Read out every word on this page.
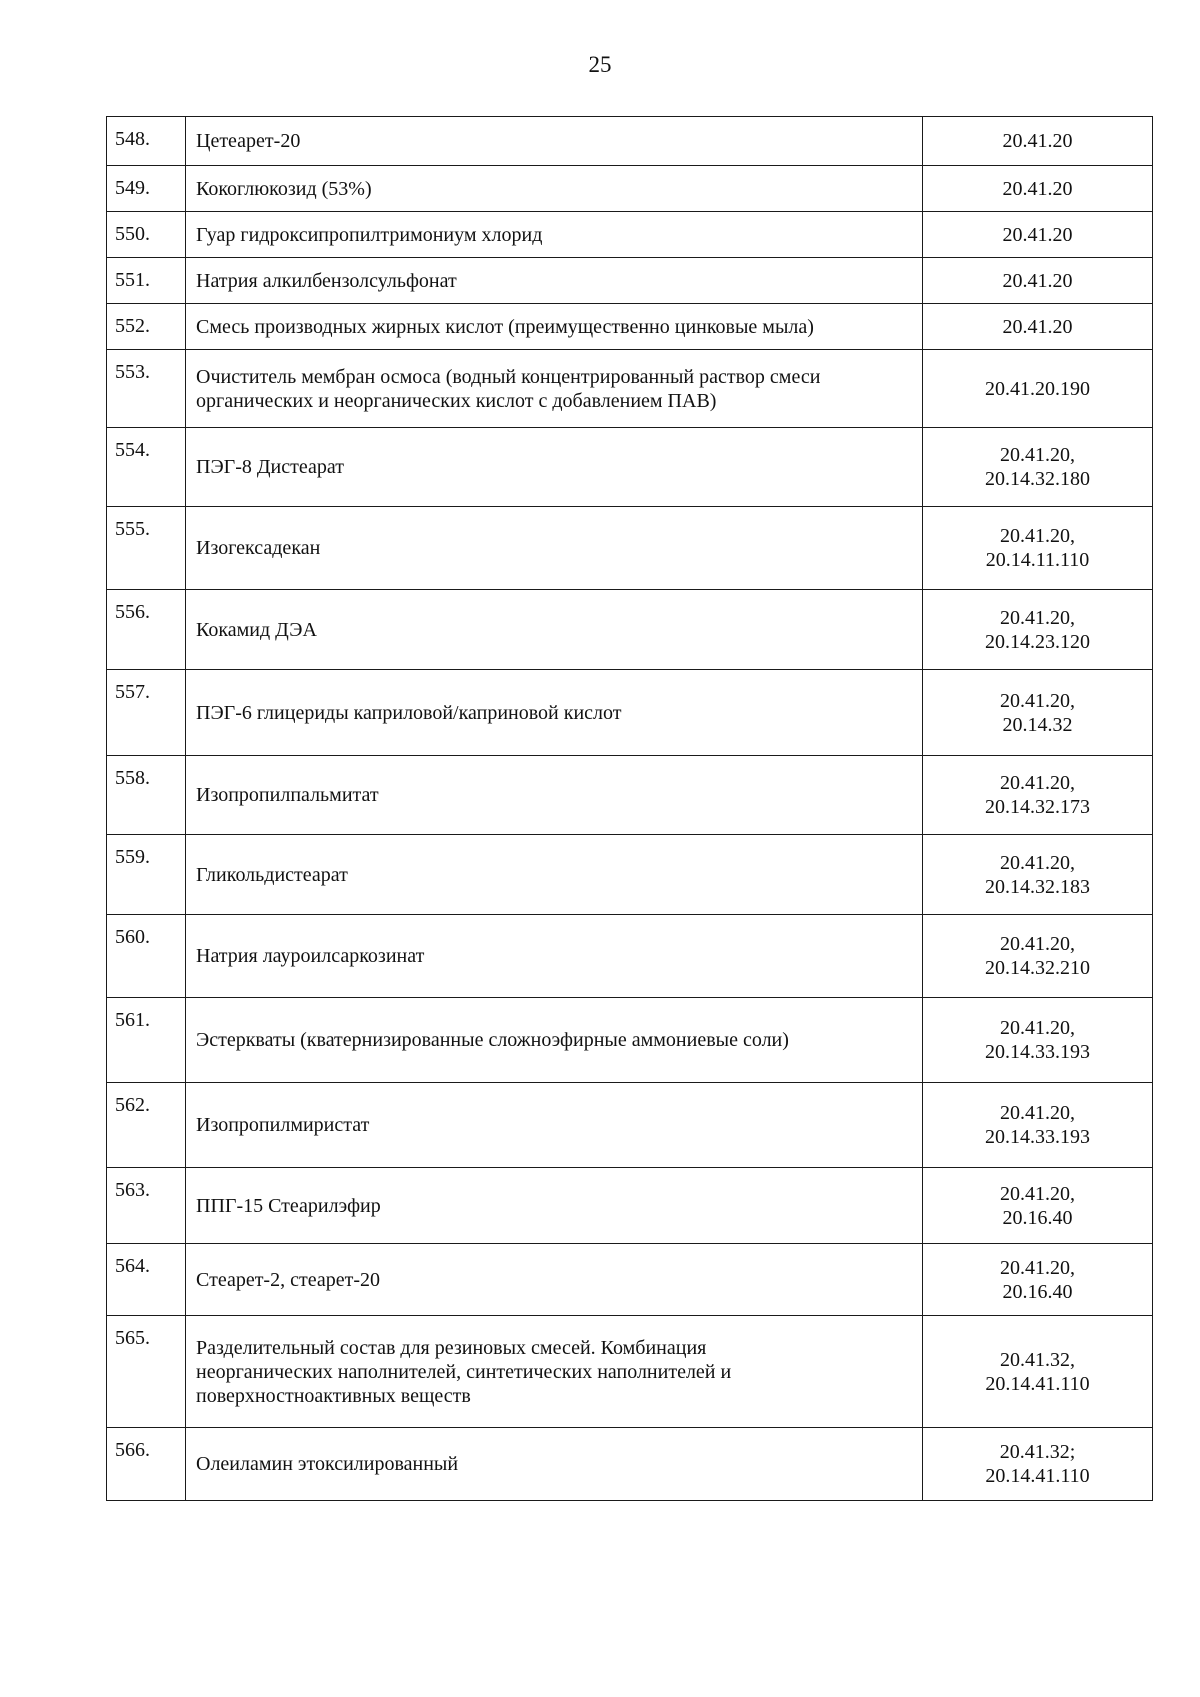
25
548.	Цетеарет-20	20.41.20

549.	Кокоглюкозид (53%)	20.41.20

550.	Гуар гидроксипропилтримониум хлорид	20.41.20

551.	Натрия алкилбензолсульфонат	20.41.20

552.	Смесь производных жирных кислот (преимущественно цинковые мыла)	20.41.20

553.	Очиститель мембран осмоса (водный концентрированный раствор смеси
органических и неорганических кислот с добавлением ПАВ)	20.41.20.190

554.	ПЭГ-8 Дистеарат	20.41.20,
20.14.32.180

555.	Изогексадекан	20.41.20,
20.14.11.110

556.	Кокамид ДЭА	20.41.20,
20.14.23.120

557.	ПЭГ-6 глицериды каприловой/каприновой кислот	20.41.20,
20.14.32

558.	Изопропилпальмитат	20.41.20,
20.14.32.173

559.	Гликольдистеарат	20.41.20,
20.14.32.183

560.	Натрия лауроилсаркозинат	20.41.20,
20.14.32.210

561.	Эстеркваты (кватернизированные сложноэфирные аммониевые соли)	20.41.20,
20.14.33.193

562.	Изопропилмиристат	20.41.20,
20.14.33.193

563.	ППГ-15 Стеарилэфир	20.41.20,
20.16.40

564.	Стеарет-2, стеарет-20	20.41.20,
20.16.40

565.	Разделительный состав для резиновых смесей. Комбинация
неорганических наполнителей, синтетических наполнителей и
поверхностноактивных веществ	20.41.32,
20.14.41.110

566.	Олеиламин этоксилированный	20.41.32;
20.14.41.110
